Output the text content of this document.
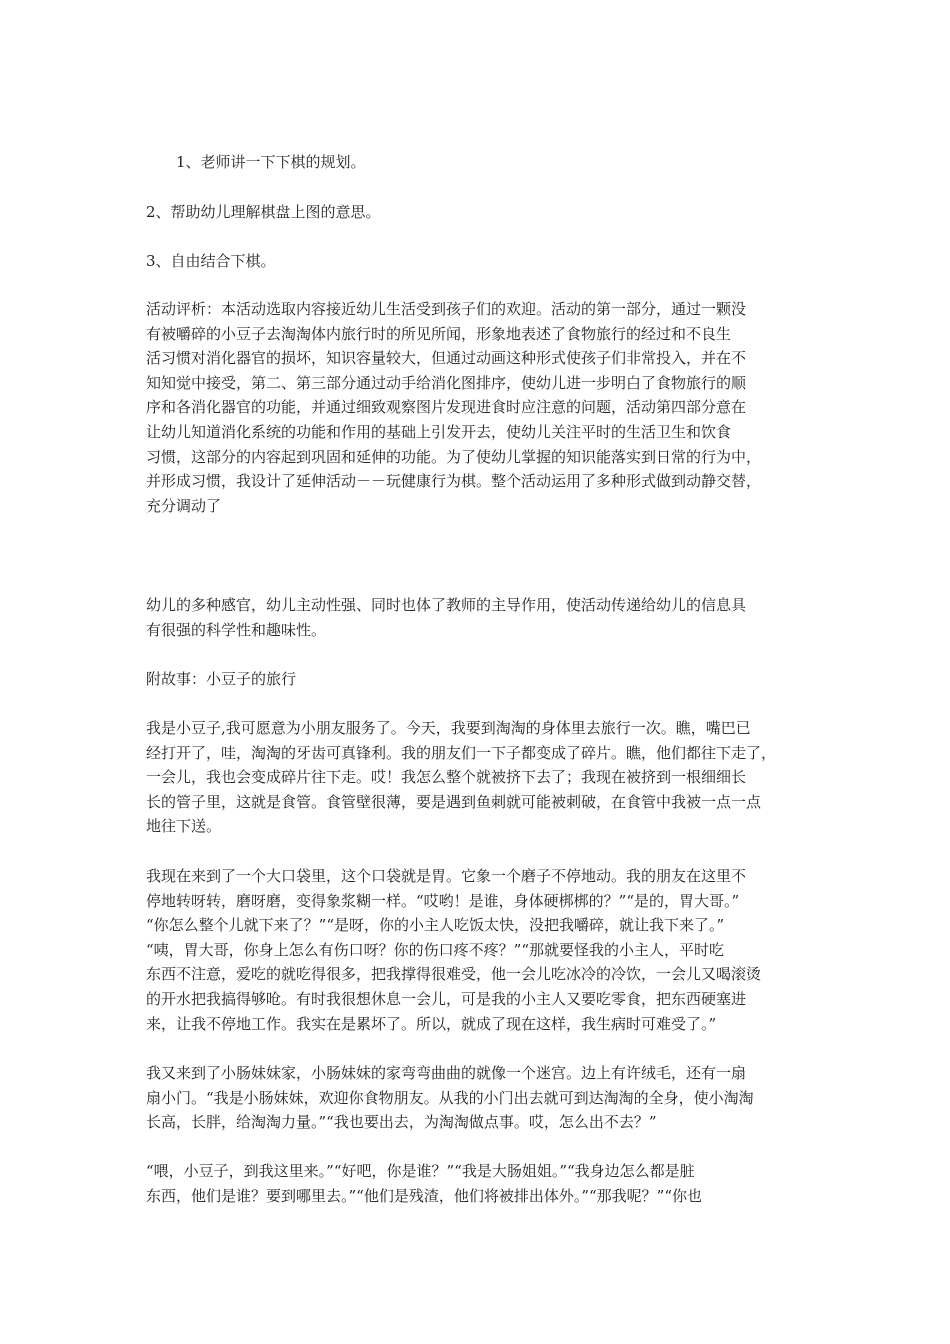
1、老师讲一下下棋的规划。

2、帮助幼儿理解棋盘上图的意思。

3、自由结合下棋。

活动评析：本活动选取内容接近幼儿生活受到孩子们的欢迎。活动的第一部分，通过一颗没
有被嚼碎的小豆子去淘淘体内旅行时的所见所闻，形象地表述了食物旅行的经过和不良生
活习惯对消化器官的损坏，知识容量较大，但通过动画这种形式使孩子们非常投入，并在不
知知觉中接受，第二、第三部分通过动手给消化图排序，使幼儿进一步明白了食物旅行的顺
序和各消化器官的功能，并通过细致观察图片发现进食时应注意的问题，活动第四部分意在
让幼儿知道消化系统的功能和作用的基础上引发开去，使幼儿关注平时的生活卫生和饮食
习惯，这部分的内容起到巩固和延伸的功能。为了使幼儿掌握的知识能落实到日常的行为中，
并形成习惯，我设计了延伸活动－－玩健康行为棋。整个活动运用了多种形式做到动静交替，
充分调动了

幼儿的多种感官，幼儿主动性强、同时也体了教师的主导作用，使活动传递给幼儿的信息具
有很强的科学性和趣味性。

附故事：小豆子的旅行

我是小豆子,我可愿意为小朋友服务了。今天，我要到淘淘的身体里去旅行一次。瞧，嘴巴已
经打开了，哇，淘淘的牙齿可真锋利。我的朋友们一下子都变成了碎片。瞧，他们都往下走了，
一会儿，我也会变成碎片往下走。哎！我怎么整个就被挤下去了；我现在被挤到一根细细长
长的管子里，这就是食管。食管壁很薄，要是遇到鱼刺就可能被刺破，在食管中我被一点一点
地往下送。

我现在来到了一个大口袋里，这个口袋就是胃。它象一个磨子不停地动。我的朋友在这里不
停地转呀转，磨呀磨，变得象浆糊一样。“哎哟！是谁，身体硬梆梆的？”“是的，胃大哥。”
“你怎么整个儿就下来了？”“是呀，你的小主人吃饭太快，没把我嚼碎，就让我下来了。”
“咦，胃大哥，你身上怎么有伤口呀？你的伤口疼不疼？”“那就要怪我的小主人，平时吃
东西不注意，爱吃的就吃得很多，把我撑得很难受，他一会儿吃冰冷的冷饮，一会儿又喝滚烫
的开水把我搞得够呛。有时我很想休息一会儿，可是我的小主人又要吃零食，把东西硬塞进
来，让我不停地工作。我实在是累坏了。所以，就成了现在这样，我生病时可难受了。”

我又来到了小肠妹妹家，小肠妹妹的家弯弯曲曲的就像一个迷宫。边上有许绒毛，还有一扇
扇小门。“我是小肠妹妹，欢迎你食物朋友。从我的小门出去就可到达淘淘的全身，使小淘淘
长高，长胖，给淘淘力量。”“我也要出去，为淘淘做点事。哎，怎么出不去？”

“喂，小豆子，到我这里来。”“好吧，你是谁？”“我是大肠姐姐。”“我身边怎么都是脏
东西，他们是谁？要到哪里去。”“他们是残渣，他们将被排出体外。”“那我呢？”“你也
